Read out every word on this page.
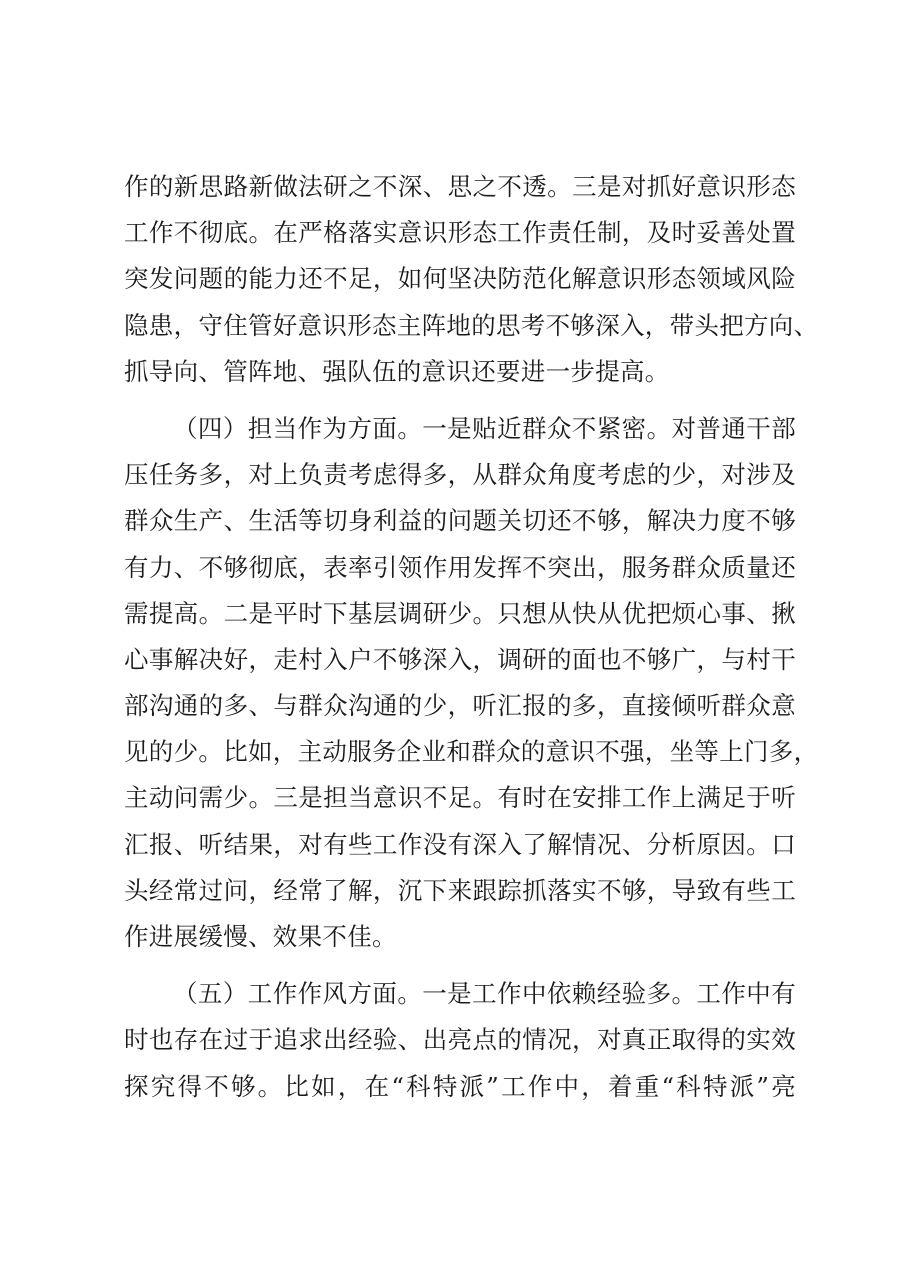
作的新思路新做法研之不深、思之不透。三是对抓好意识形态
工作不彻底。在严格落实意识形态工作责任制，及时妥善处置
突发问题的能力还不足，如何坚决防范化解意识形态领域风险
隐患，守住管好意识形态主阵地的思考不够深入，带头把方向、
抓导向、管阵地、强队伍的意识还要进一步提高。
（四）担当作为方面。一是贴近群众不紧密。对普通干部
压任务多，对上负责考虑得多，从群众角度考虑的少，对涉及
群众生产、生活等切身利益的问题关切还不够，解决力度不够
有力、不够彻底，表率引领作用发挥不突出，服务群众质量还
需提高。二是平时下基层调研少。只想从快从优把烦心事、揪
心事解决好，走村入户不够深入，调研的面也不够广，与村干
部沟通的多、与群众沟通的少，听汇报的多，直接倾听群众意
见的少。比如，主动服务企业和群众的意识不强，坐等上门多，
主动问需少。三是担当意识不足。有时在安排工作上满足于听
汇报、听结果，对有些工作没有深入了解情况、分析原因。口
头经常过问，经常了解，沉下来跟踪抓落实不够，导致有些工
作进展缓慢、效果不佳。
（五）工作作风方面。一是工作中依赖经验多。工作中有
时也存在过于追求出经验、出亮点的情况，对真正取得的实效
探究得不够。比如，在“科特派”工作中，着重“科特派”亮
